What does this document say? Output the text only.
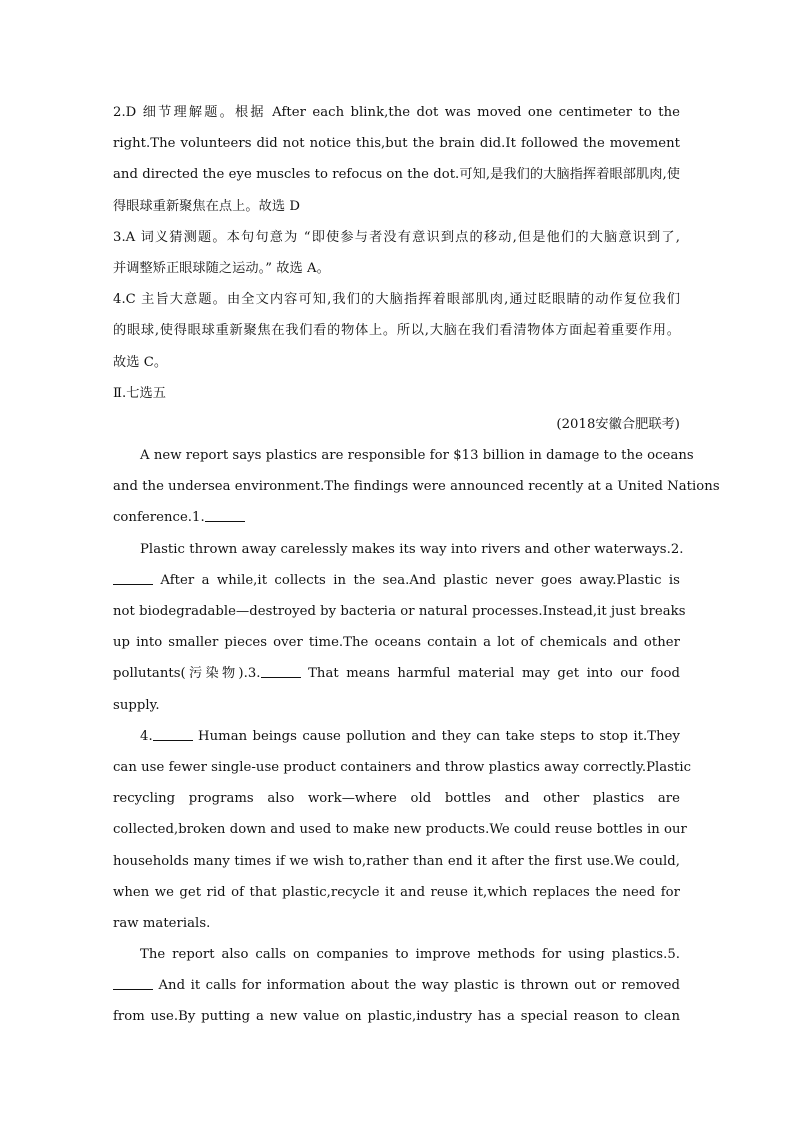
2.D 细节理解题。根据 After each blink,the dot was moved one centimeter to the
right.The volunteers did not notice this,but the brain did.It followed the movement
and directed the eye muscles to refocus on the dot.可知,是我们的大脑指挥着眼部肌肉,使
得眼球重新聚焦在点上。故选 D
3.A 词义猜测题。本句句意为 “即使参与者没有意识到点的移动,但是他们的大脑意识到了,
并调整矫正眼球随之运动。” 故选 A。
4.C 主旨大意题。由全文内容可知,我们的大脑指挥着眼部肌肉,通过眨眼睛的动作复位我们
的眼球,使得眼球重新聚焦在我们看的物体上。所以,大脑在我们看清物体方面起着重要作用。
故选 C。
Ⅱ.七选五
(2018安徽合肥联考)
A new report says plastics are responsible for $13 billion in damage to the oceans
and the undersea environment.The findings were announced recently at a United Nations
conference.1.
Plastic thrown away carelessly makes its way into rivers and other waterways.2.
After a while,it collects in the sea.And plastic never goes away.Plastic is
not biodegradable—destroyed by bacteria or natural processes.Instead,it just breaks
up into smaller pieces over time.The oceans contain a lot of chemicals and other
pollutants(污染物).3.	That means harmful material may get into our food
supply.
4.	Human beings cause pollution and they can take steps to stop it.They
can use fewer single-use product containers and throw plastics away correctly.Plastic
recycling programs also work—where old bottles and other plastics are
collected,broken down and used to make new products.We could reuse bottles in our
households many times if we wish to,rather than end it after the first use.We could,
when we get rid of that plastic,recycle it and reuse it,which replaces the need for
raw materials.
The report also calls on companies to improve methods for using plastics.5.
And it calls for information about the way plastic is thrown out or removed
from use.By putting a new value on plastic,industry has a special reason to clean
